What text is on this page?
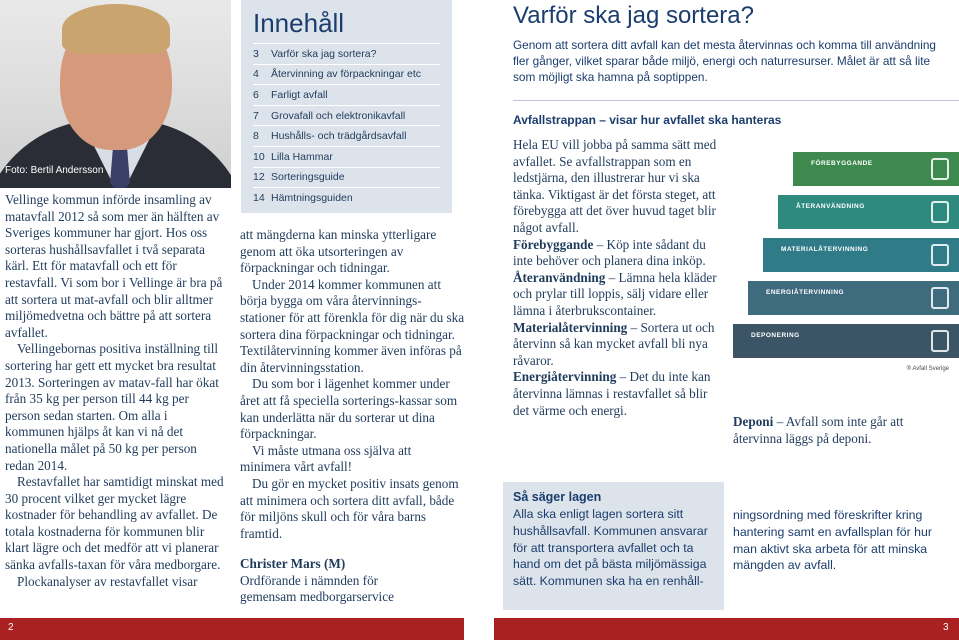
Foto: Bertil Andersson

Vellinge kommun införde insamling av matavfall 2012 så som mer än hälften av Sveriges kommuner har gjort. Hos oss sorteras hushållsavfallet i två separata kärl. Ett för matavfall och ett för restavfall. Vi som bor i Vellinge är bra på att sortera ut mat-avfall och blir alltmer miljömedvetna och bättre på att sortera avfallet.

Vellingebornas positiva inställning till sortering har gett ett mycket bra resultat 2013. Sorteringen av matav-fall har ökat från 35 kg per person till 44 kg per person sedan starten. Om alla i kommunen hjälps åt kan vi nå det nationella målet på 50 kg per person redan 2014.

Restavfallet har samtidigt minskat med 30 procent vilket ger mycket lägre kostnader för behandling av avfallet. De totala kostnaderna för kommunen blir klart lägre och det medför att vi planerar sänka avfalls-taxan för våra medborgare.

Plockanalyser av restavfallet visar

Innehåll
3	Varför ska jag sortera?
4	Återvinning av förpackningar etc
6	Farligt avfall
7	Grovafall och elektronikavfall
8	Hushålls- och trädgårdsavfall
10 Lilla Hammar
12 Sorteringsguide
14 Hämtningsguiden

att mängderna kan minska ytterligare genom att öka utsorteringen av förpackningar och tidningar.

Under 2014 kommer kommunen att börja bygga om våra återvinnings-stationer för att förenkla för dig när du ska sortera dina förpackningar och tidningar. Textilåtervinning kommer även införas på din återvinningsstation.

Du som bor i lägenhet kommer under året att få speciella sorterings-kassar som kan underlätta när du sorterar ut dina förpackningar.

Vi måste utmana oss själva att minimera vårt avfall!

Du gör en mycket positiv insats genom att minimera och sortera ditt avfall, både för miljöns skull och för våra barns framtid.

Christer Mars (M)
Ordförande i nämnden för
gemensam medborgarservice
Varför ska jag sortera?
Genom att sortera ditt avfall kan det mesta återvinnas och komma till användning fler gånger, vilket sparar både miljö, energi och naturresurser. Målet är att så lite som möjligt ska hamna på soptippen.
Avfallstrappan – visar hur avfallet ska hanteras

Hela EU vill jobba på samma sätt med avfallet. Se avfallstrappan som en ledstjärna, den illustrerar hur vi ska tänka. Viktigast är det första steget, att förebygga att det över huvud taget blir något avfall.

Förebyggande – Köp inte sådant du inte behöver och planera dina inköp.

Återanvändning – Lämna hela kläder och prylar till loppis, sälj vidare eller lämna i återbrukscontainer.

Materialåtervinning – Sortera ut och återvinn så kan mycket avfall bli nya råvaror.

Energiåtervinning – Det du inte kan återvinna lämnas i restavfallet så blir det värme och energi.

FÖREBYGGANDE
ÅTERANVÄNDNING
MATERIALÅTERVINNING
ENERGIÅTERVINNING
DEPONERING
® Avfall Sverige
Deponi – Avfall som inte går att återvinna läggs på deponi.
Så säger lagen
Alla ska enligt lagen sortera sitt hushållsavfall. Kommunen ansvarar för att transportera avfallet och ta hand om det på bästa miljömässiga sätt. Kommunen ska ha en renhåll-
ningsordning med föreskrifter kring hantering samt en avfallsplan för hur man aktivt ska arbeta för att minska mängden av avfall.
2	3
